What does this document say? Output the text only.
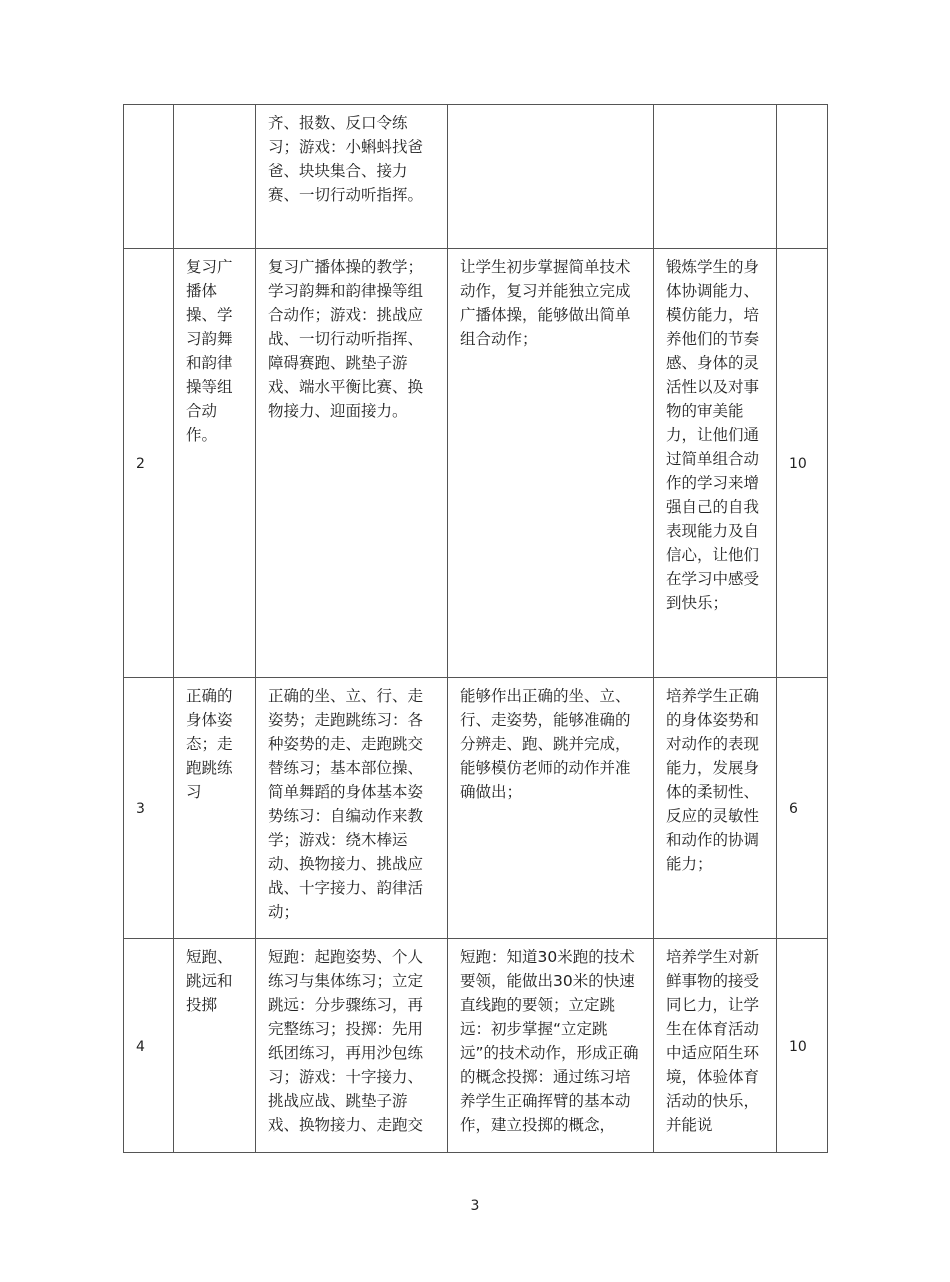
		齐、报数、反口令练习；游戏：小蝌蚪找爸爸、块块集合、接力赛、一切行动听指挥。			
2	复习广播体操、学习韵舞和韵律操等组合动作。	复习广播体操的教学；学习韵舞和韵律操等组合动作；游戏：挑战应战、一切行动听指挥、障碍赛跑、跳垫子游戏、端水平衡比赛、换物接力、迎面接力。	让学生初步掌握简单技术动作，复习并能独立完成广播体操，能够做出简单组合动作；	锻炼学生的身体协调能力、模仿能力，培养他们的节奏感、身体的灵活性以及对事物的审美能力，让他们通过简单组合动作的学习来增强自己的自我表现能力及自信心，让他们在学习中感受到快乐；	10
3	正确的身体姿态；走跑跳练习	正确的坐、立、行、走姿势；走跑跳练习：各种姿势的走、走跑跳交替练习；基本部位操、简单舞蹈的身体基本姿势练习：自编动作来教学；游戏：绕木棒运动、换物接力、挑战应战、十字接力、韵律活动；	能够作出正确的坐、立、行、走姿势，能够准确的分辨走、跑、跳并完成，能够模仿老师的动作并准确做出；	培养学生正确的身体姿势和对动作的表现能力，发展身体的柔韧性、反应的灵敏性和动作的协调能力；	6
4	短跑、跳远和投掷	短跑：起跑姿势、个人练习与集体练习；立定跳远：分步骤练习，再完整练习；投掷：先用纸团练习，再用沙包练习；游戏：十字接力、挑战应战、跳垫子游戏、换物接力、走跑交	短跑：知道30米跑的技术要领，能做出30米的快速直线跑的要领；立定跳远：初步掌握“立定跳远”的技术动作，形成正确的概念投掷：通过练习培养学生正确挥臂的基本动作，建立投掷的概念，	培养学生对新鲜事物的接受同匕力，让学生在体育活动中适应陌生环境，体验体育活动的快乐，并能说	10
3
